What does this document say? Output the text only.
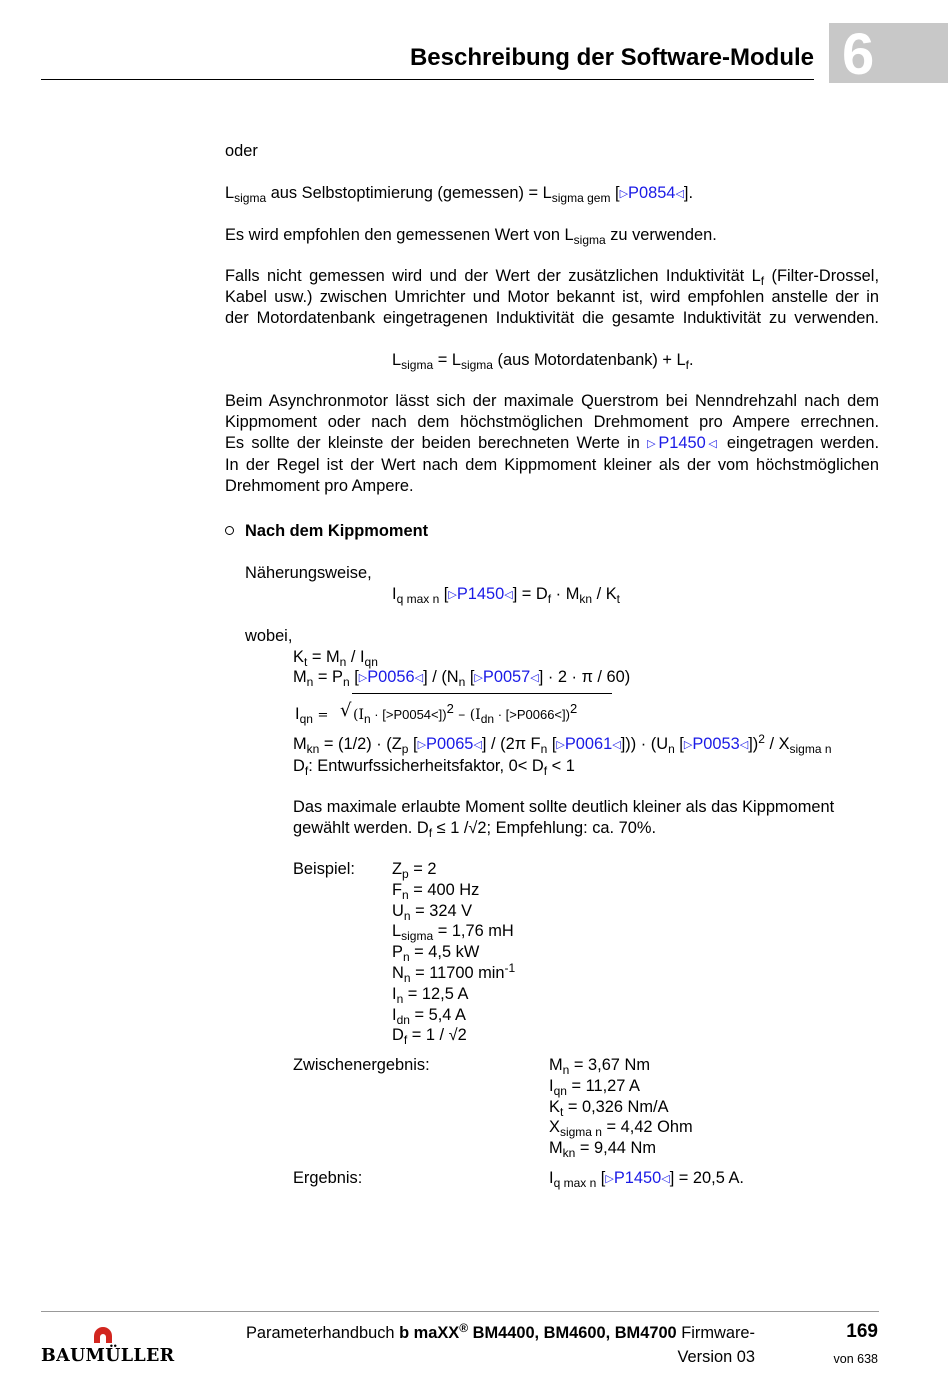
Beschreibung der Software-Module 6
oder
$L_{sigma}$ aus Selbstoptimierung (gemessen) = $L_{sigma gem}$ [▷P0854◁].
Es wird empfohlen den gemessenen Wert von $L_{sigma}$ zu verwenden.
Falls nicht gemessen wird und der Wert der zusätzlichen Induktivität $L_f$ (Filter-Drossel,
Kabel usw.) zwischen Umrichter und Motor bekannt ist, wird empfohlen anstelle der in
der Motordatenbank eingetragenen Induktivität die gesamte Induktivität zu verwenden.
$L_{sigma} = L_{sigma}$ (aus Motordatenbank) + $L_f$.
Beim Asynchronmotor lässt sich der maximale Querstrom bei Nenndrehzahl nach dem
Kippmoment oder nach dem höchstmöglichen Drehmoment pro Ampere errechnen.
Es sollte der kleinste der beiden berechneten Werte in ▷P1450◁ eingetragen werden.
In der Regel ist der Wert nach dem Kippmoment kleiner als der vom höchstmöglichen
Drehmoment pro Ampere.
Nach dem Kippmoment
Näherungsweise,
$I_{q max n}$ [▷P1450◁] = $D_f \cdot M_{kn} / K_t$
wobei,
$K_t = M_n / I_{qn}$
$M_n = P_n$ [▷P0056◁] / ($N_n$ [▷P0057◁] · 2 · π / 60)
$I_{qn}$ = √ $(I_n \cdot [>P0054<])^2 - (I_{dn} \cdot [>P0066<])^2$
$M_{kn} = (1/2) \cdot (Z_p$ [▷P0065◁] / (2π $F_n$ [▷P0061◁])) · ($U_n$ [▷P0053◁])$^2$ / $X_{sigma n}$
$D_f$: Entwurfssicherheitsfaktor, $0< D_f < 1$
Das maximale erlaubte Moment sollte deutlich kleiner als das Kippmoment
gewählt werden. $D_f \le 1$ /√2; Empfehlung: ca. 70%.
Beispiel: $Z_p = 2$
$F_n = 400$ Hz
$U_n = 324$ V
$L_{sigma} = 1,76$ mH
$P_n = 4,5$ kW
$N_n = 11700$ $\min^{-1}$
$I_n = 12,5$ A
$I_{dn} = 5,4$ A
$D_f = 1 / √2$
Zwischenergebnis:	$M_n = 3,67$ Nm
$I_{qn} = 11,27$ A
$K_t = 0,326$ Nm/A
$X_{sigma n} = 4,42$ Ohm
$M_{kn} = 9,44$ Nm
Ergebnis:	$I_{q max n}$ [▷P1450◁] = 20,5 A.
BAUMÜLLER
Parameterhandbuch b maXX® BM4400, BM4600, BM4700 Firmware-
Version 03
169
von 638
